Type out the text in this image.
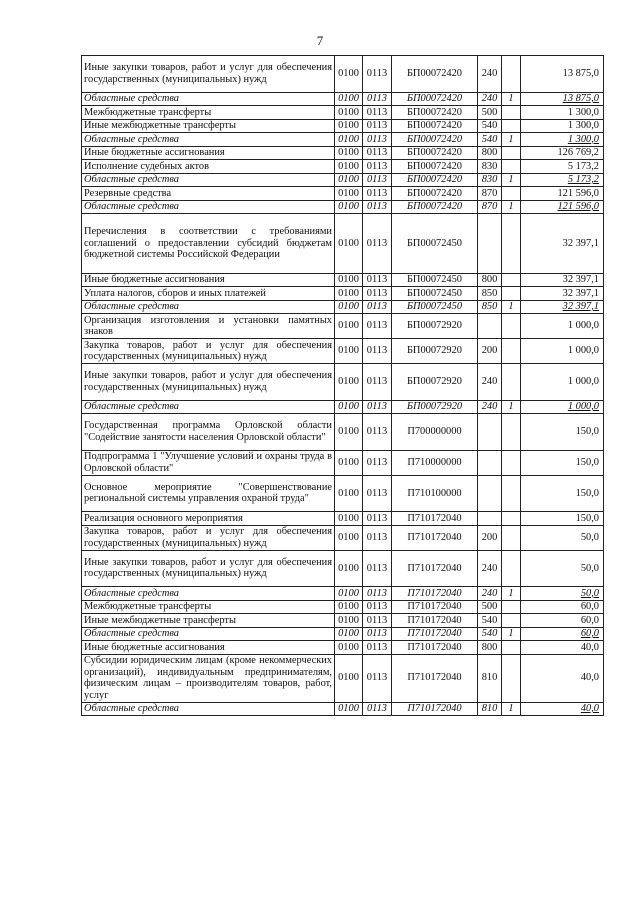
7
Иные закупки товаров, работ и услуг для обеспечения государственных (муниципальных) нужд	0100	0113	БП00072420	240		13 875,0
Областные средства	0100	0113	БП00072420	240	1	13 875,0
Межбюджетные трансферты	0100	0113	БП00072420	500		1 300,0
Иные межбюджетные трансферты	0100	0113	БП00072420	540		1 300,0
Областные средства	0100	0113	БП00072420	540	1	1 300,0
Иные бюджетные ассигнования	0100	0113	БП00072420	800		126 769,2
Исполнение судебных актов	0100	0113	БП00072420	830		5 173,2
Областные средства	0100	0113	БП00072420	830	1	5 173,2
Резервные средства	0100	0113	БП00072420	870		121 596,0
Областные средства	0100	0113	БП00072420	870	1	121 596,0
Перечисления в соответствии с требованиями соглашений о предоставлении субсидий бюджетам бюджетной системы Российской Федерации	0100	0113	БП00072450			32 397,1
Иные бюджетные ассигнования	0100	0113	БП00072450	800		32 397,1
Уплата налогов, сборов и иных платежей	0100	0113	БП00072450	850		32 397,1
Областные средства	0100	0113	БП00072450	850	1	32 397,1
Организация изготовления и установки памятных знаков	0100	0113	БП00072920			1 000,0
Закупка товаров, работ и услуг для обеспечения государственных (муниципальных) нужд	0100	0113	БП00072920	200		1 000,0
Иные закупки товаров, работ и услуг для обеспечения государственных (муниципальных) нужд	0100	0113	БП00072920	240		1 000,0
Областные средства	0100	0113	БП00072920	240	1	1 000,0
Государственная программа Орловской области "Содействие занятости населения Орловской области"	0100	0113	П700000000			150,0
Подпрограмма 1 "Улучшение условий и охраны труда в Орловской области"	0100	0113	П710000000			150,0
Основное мероприятие "Совершенствование региональной системы управления охраной труда"	0100	0113	П710100000			150,0
Реализация основного мероприятия	0100	0113	П710172040			150,0
Закупка товаров, работ и услуг для обеспечения государственных (муниципальных) нужд	0100	0113	П710172040	200		50,0
Иные закупки товаров, работ и услуг для обеспечения государственных (муниципальных) нужд	0100	0113	П710172040	240		50,0
Областные средства	0100	0113	П710172040	240	1	50,0
Межбюджетные трансферты	0100	0113	П710172040	500		60,0
Иные межбюджетные трансферты	0100	0113	П710172040	540		60,0
Областные средства	0100	0113	П710172040	540	1	60,0
Иные бюджетные ассигнования	0100	0113	П710172040	800		40,0
Субсидии юридическим лицам (кроме некоммерческих организаций), индивидуальным предпринимателям, физическим лицам – производителям товаров, работ, услуг	0100	0113	П710172040	810		40,0
Областные средства	0100	0113	П710172040	810	1	40,0
